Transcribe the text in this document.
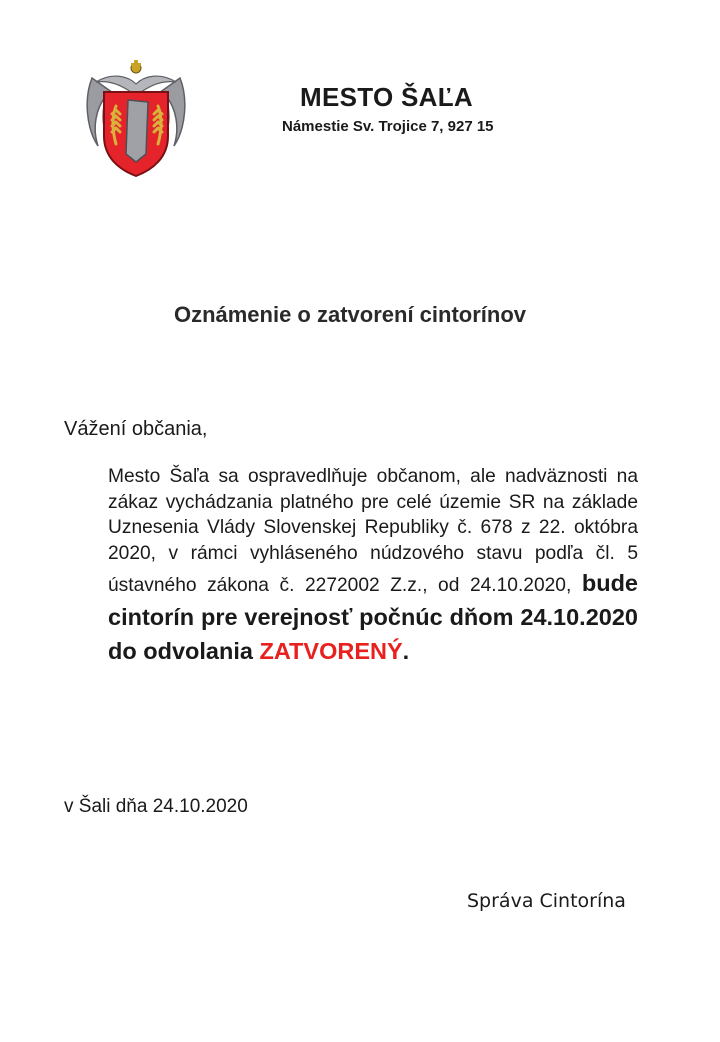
MESTO ŠAĽA
Námestie Sv. Trojice 7, 927 15
Oznámenie o zatvorení cintorínov
Vážení občania,
Mesto Šaľa sa ospravedlňuje občanom, ale nadväznosti na zákaz vychádzania platného pre celé územie SR na základe Uznesenia Vlády Slovenskej Republiky č. 678 z 22. októbra 2020, v rámci vyhláseného núdzového stavu podľa čl. 5 ústavného zákona č. 2272002 Z.z., od 24.10.2020, bude cintorín pre verejnosť počnúc dňom 24.10.2020 do odvolania ZATVORENÝ.
v Šali dňa 24.10.2020
Správa Cintorína
